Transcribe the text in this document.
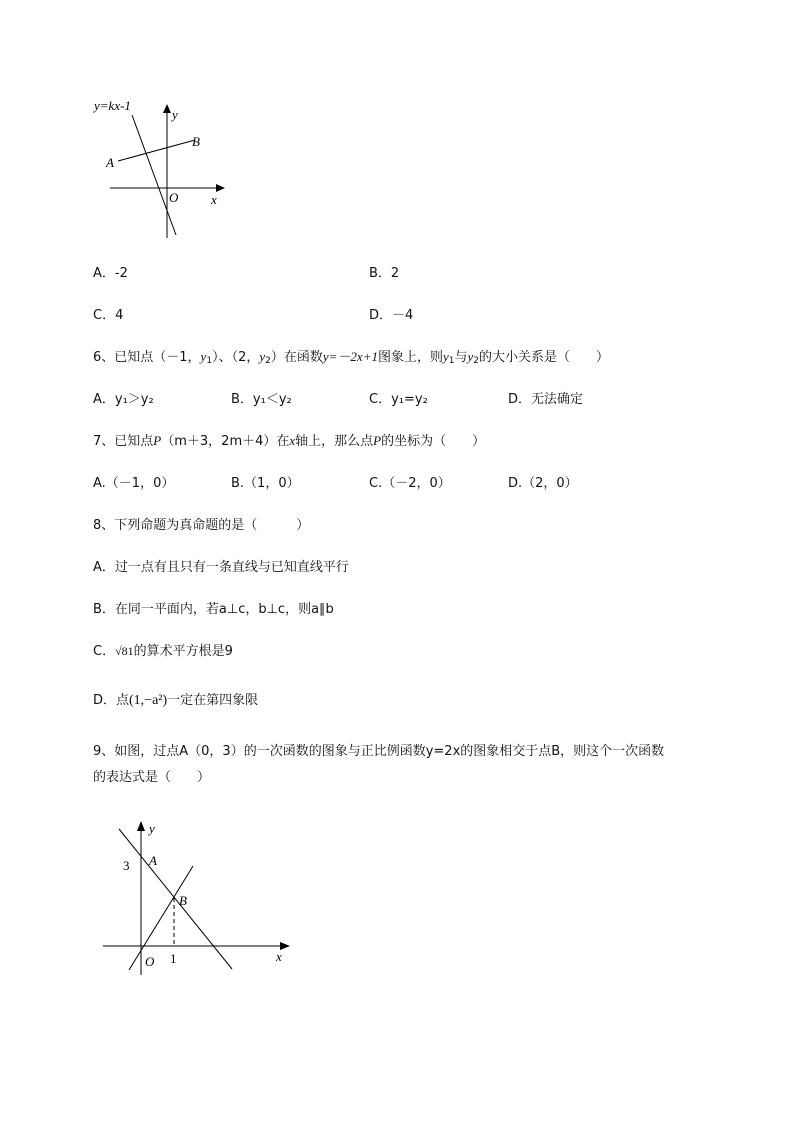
y=kx-1
y
x
O
A
B
A．-2	B．2
C．4	D．－4
6、已知点（－1，$y_1$）、（2，$y_2$）在函数y=－2x+1图象上，则$y_1$与$y_2$的大小关系是（　　）
A．y₁＞y₂	B．y₁＜y₂	C．y₁=y₂	D．无法确定
7、已知点P（m＋3，2m＋4）在x轴上，那么点P的坐标为（　　）
A.（－1，0）	B.（1，0）	C.（－2，0）	D.（2，0）
8、下列命题为真命题的是（　　　）
A．过一点有且只有一条直线与已知直线平行
B．在同一平面内，若a⊥c，b⊥c，则a∥b
C．√81的算术平方根是9
D．点(1,−a²)一定在第四象限
9、如图，过点A（0，3）的一次函数的图象与正比例函数y=2x的图象相交于点B，则这个一次函数
的表达式是（　　）
y
x
O
A
B
3
1
